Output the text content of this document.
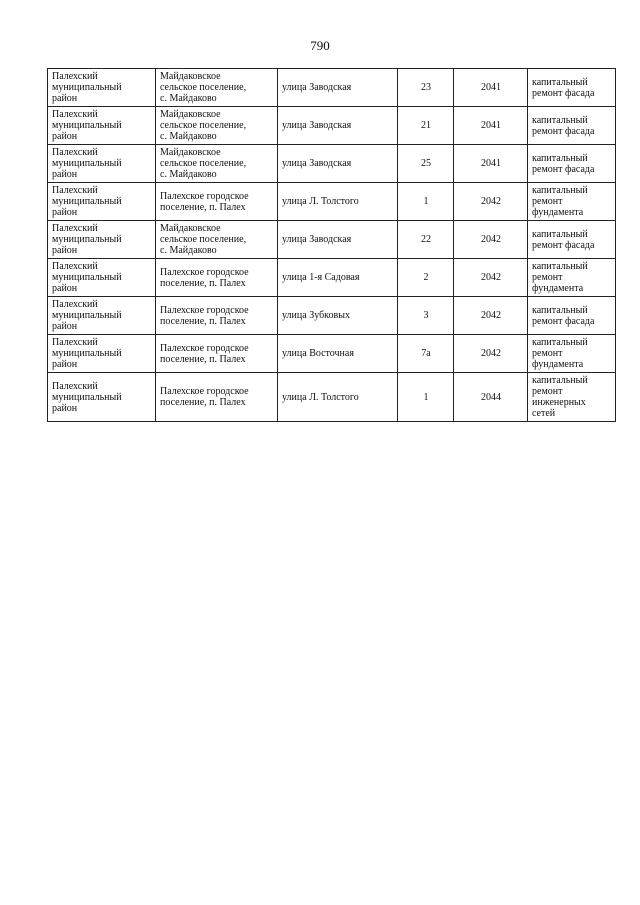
790
Палехский
муниципальный
район	Майдаковское
сельское поселение,
с. Майдаково	улица Заводская	23	2041	капитальный
ремонт фасада

Палехский
муниципальный
район	Майдаковское
сельское поселение,
с. Майдаково	улица Заводская	21	2041	капитальный
ремонт фасада

Палехский
муниципальный
район	Майдаковское
сельское поселение,
с. Майдаково	улица Заводская	25	2041	капитальный
ремонт фасада

Палехский
муниципальный
район	Палехское городское
поселение, п. Палех	улица Л. Толстого	1	2042	капитальный
ремонт
фундамента

Палехский
муниципальный
район	Майдаковское
сельское поселение,
с. Майдаково	улица Заводская	22	2042	капитальный
ремонт фасада

Палехский
муниципальный
район	Палехское городское
поселение, п. Палех	улица 1-я Садовая	2	2042	капитальный
ремонт
фундамента

Палехский
муниципальный
район	Палехское городское
поселение, п. Палех	улица Зубковых	3	2042	капитальный
ремонт фасада

Палехский
муниципальный
район	Палехское городское
поселение, п. Палех	улица Восточная	7а	2042	капитальный
ремонт
фундамента

Палехский
муниципальный
район	Палехское городское
поселение, п. Палех	улица Л. Толстого	1	2044	капитальный
ремонт
инженерных
сетей
